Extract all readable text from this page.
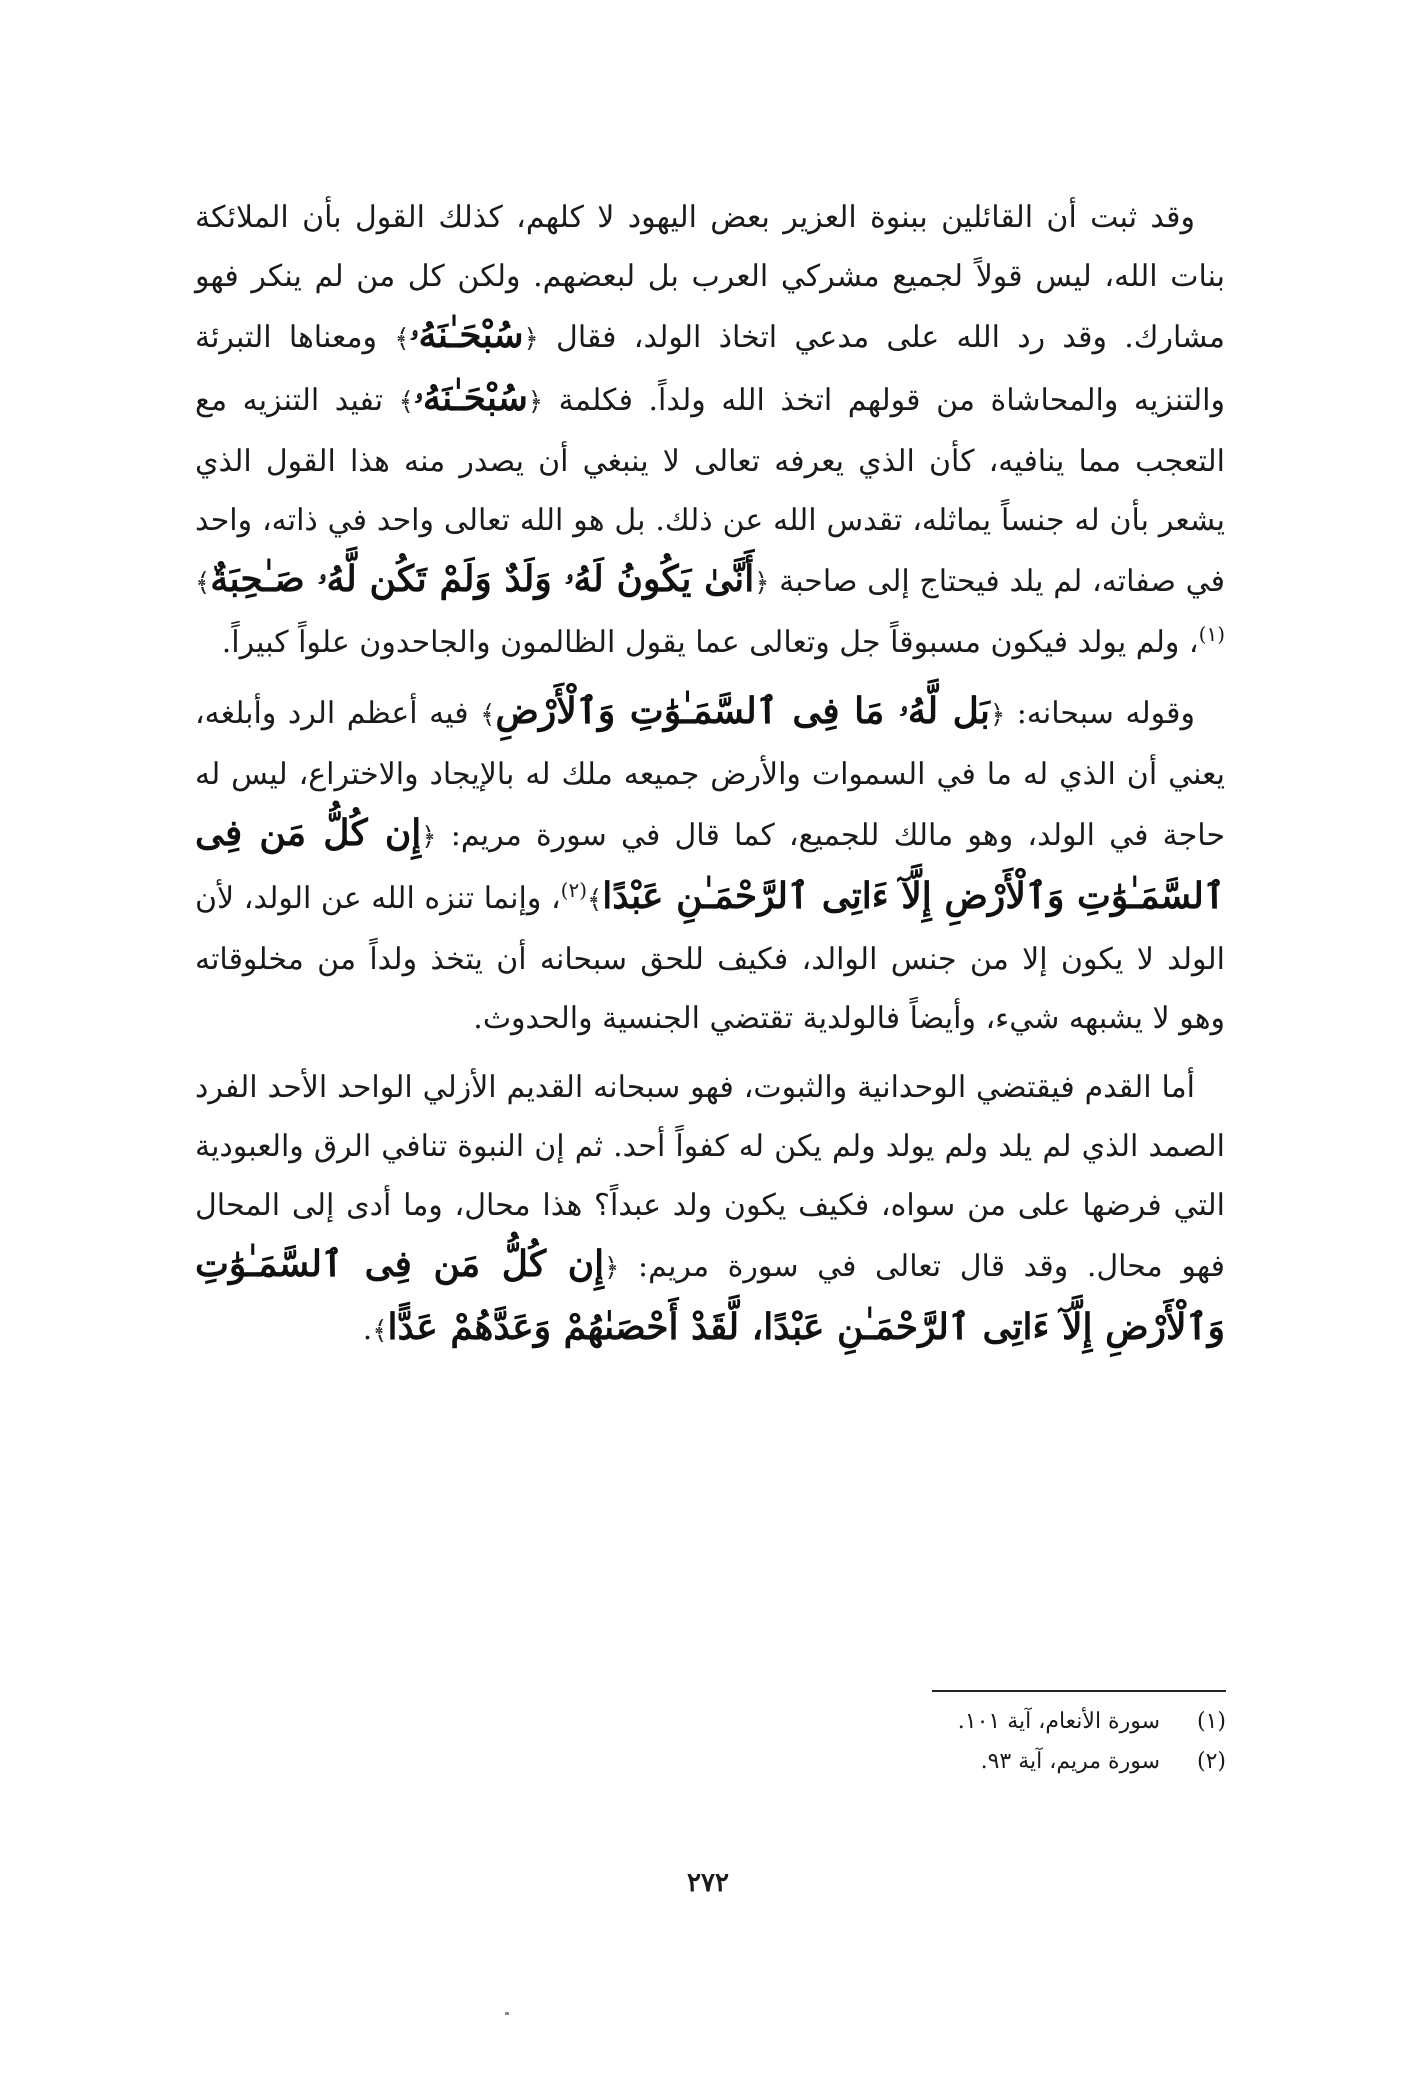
وقد ثبت أن القائلين ببنوة العزير بعض اليهود لا كلهم، كذلك القول بأن الملائكة بنات الله، ليس قولاً لجميع مشركي العرب بل لبعضهم. ولكن كل من لم ينكر فهو مشارك. وقد رد الله على مدعي اتخاذ الولد، فقال ﴿سُبْحَـٰنَهُۥ﴾ ومعناها التبرئة والتنزيه والمحاشاة من قولهم اتخذ الله ولداً. فكلمة ﴿سُبْحَـٰنَهُۥ﴾ تفيد التنزيه مع التعجب مما ينافيه، كأن الذي يعرفه تعالى لا ينبغي أن يصدر منه هذا القول الذي يشعر بأن له جنساً يماثله، تقدس الله عن ذلك. بل هو الله تعالى واحد في ذاته، واحد في صفاته، لم يلد فيحتاج إلى صاحبة ﴿أَنَّىٰ يَكُونُ لَهُۥ وَلَدٌ وَلَمْ تَكُن لَّهُۥ صَـٰحِبَةٌ﴾$^{(١)}$، ولم يولد فيكون مسبوقاً جل وتعالى عما يقول الظالمون والجاحدون علواً كبيراً.

وقوله سبحانه: ﴿بَل لَّهُۥ مَا فِى ٱلسَّمَـٰوَٰتِ وَٱلْأَرْضِ﴾ فيه أعظم الرد وأبلغه، يعني أن الذي له ما في السموات والأرض جميعه ملك له بالإيجاد والاختراع، ليس له حاجة في الولد، وهو مالك للجميع، كما قال في سورة مريم: ﴿إِن كُلُّ مَن فِى ٱلسَّمَـٰوَٰتِ وَٱلْأَرْضِ إِلَّآ ءَاتِى ٱلرَّحْمَـٰنِ عَبْدًا﴾$^{(٢)}$، وإنما تنزه الله عن الولد، لأن الولد لا يكون إلا من جنس الوالد، فكيف للحق سبحانه أن يتخذ ولداً من مخلوقاته وهو لا يشبهه شيء، وأيضاً فالولدية تقتضي الجنسية والحدوث.

أما القدم فيقتضي الوحدانية والثبوت، فهو سبحانه القديم الأزلي الواحد الأحد الفرد الصمد الذي لم يلد ولم يولد ولم يكن له كفواً أحد. ثم إن النبوة تنافي الرق والعبودية التي فرضها على من سواه، فكيف يكون ولد عبداً؟ هذا محال، وما أدى إلى المحال فهو محال. وقد قال تعالى في سورة مريم: ﴿إِن كُلُّ مَن فِى ٱلسَّمَـٰوَٰتِ وَٱلْأَرْضِ إِلَّآ ءَاتِى ٱلرَّحْمَـٰنِ عَبْدًا، لَّقَدْ أَحْصَىٰهُمْ وَعَدَّهُمْ عَدًّا﴾.

(١)
سورة الأنعام، آية ١٠١.
(٢)
سورة مريم، آية ٩٣.
٢٧٢
